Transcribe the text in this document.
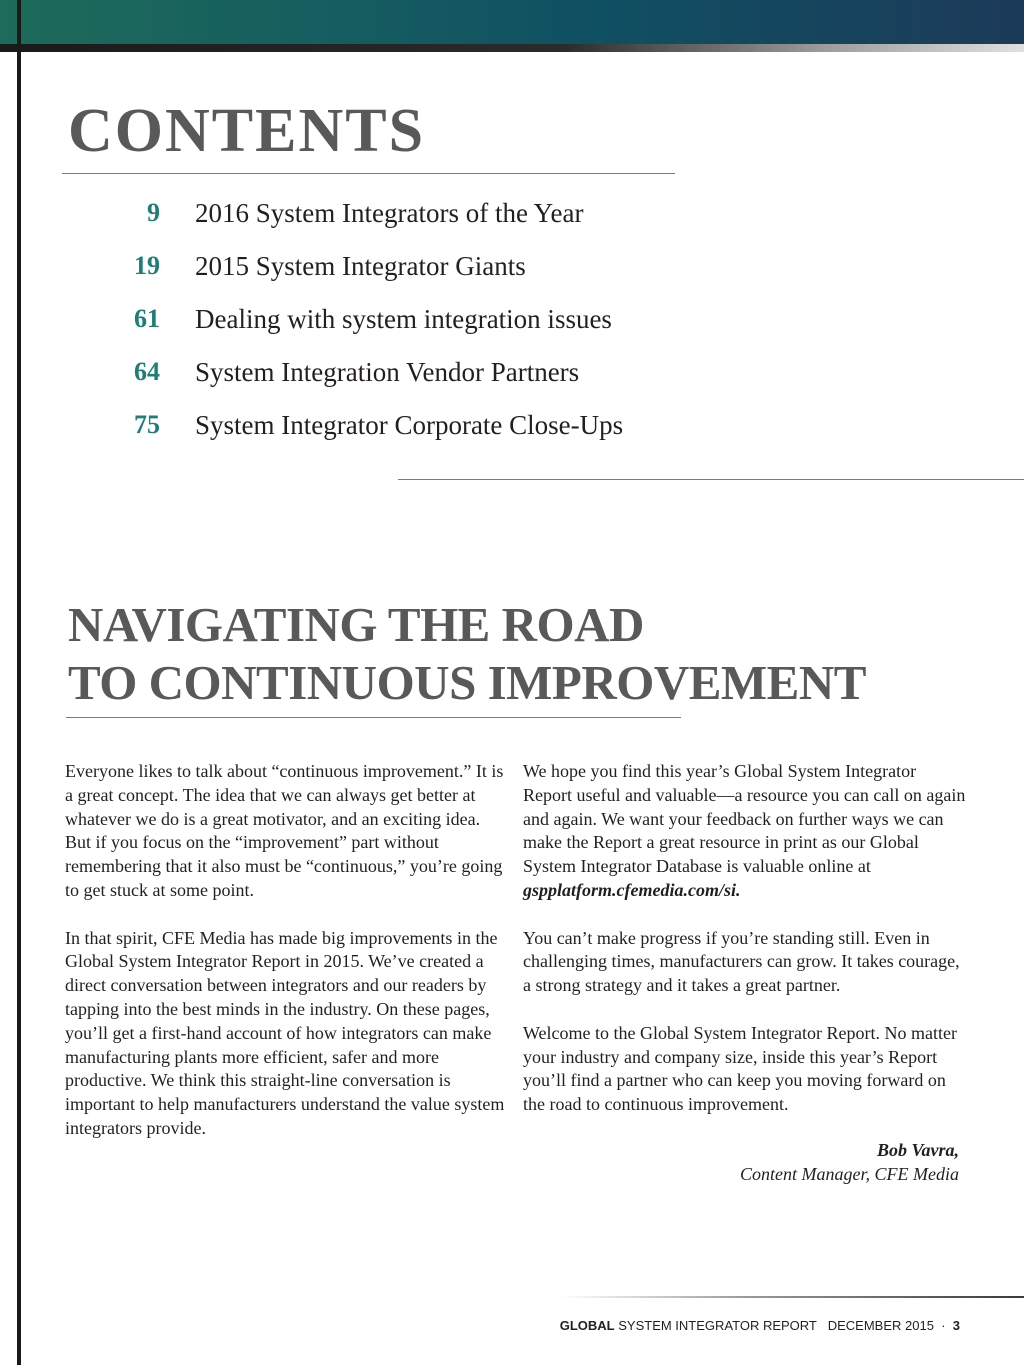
CONTENTS
9 2016 System Integrators of the Year
19 2015 System Integrator Giants
61 Dealing with system integration issues
64 System Integration Vendor Partners
75 System Integrator Corporate Close-Ups
NAVIGATING THE ROAD
TO CONTINUOUS IMPROVEMENT

Everyone likes to talk about “continuous improvement.” It is a great concept. The idea that we can always get better at whatever we do is a great motivator, and an exciting idea. But if you focus on the “improvement” part without remembering that it also must be “continuous,” you’re going to get stuck at some point.

In that spirit, CFE Media has made big improvements in the Global System Integrator Report in 2015. We’ve created a direct conversation between integrators and our readers by tapping into the best minds in the industry. On these pages, you’ll get a first-hand account of how integrators can make manufacturing plants more efficient, safer and more productive. We think this straight-line conversation is important to help manufacturers understand the value system integrators provide.

We hope you find this year’s Global System Integrator Report useful and valuable—a resource you can call on again and again. We want your feedback on further ways we can make the Report a great resource in print as our Global System Integrator Database is valuable online at
gspplatform.cfemedia.com/si.

You can’t make progress if you’re standing still. Even in challenging times, manufacturers can grow. It takes courage, a strong strategy and it takes a great partner.

Welcome to the Global System Integrator Report. No matter your industry and company size, inside this year’s Report you’ll find a partner who can keep you moving forward on the road to continuous improvement.

Bob Vavra,
Content Manager, CFE Media
GLOBAL SYSTEM INTEGRATOR REPORT DECEMBER 2015 · 3
